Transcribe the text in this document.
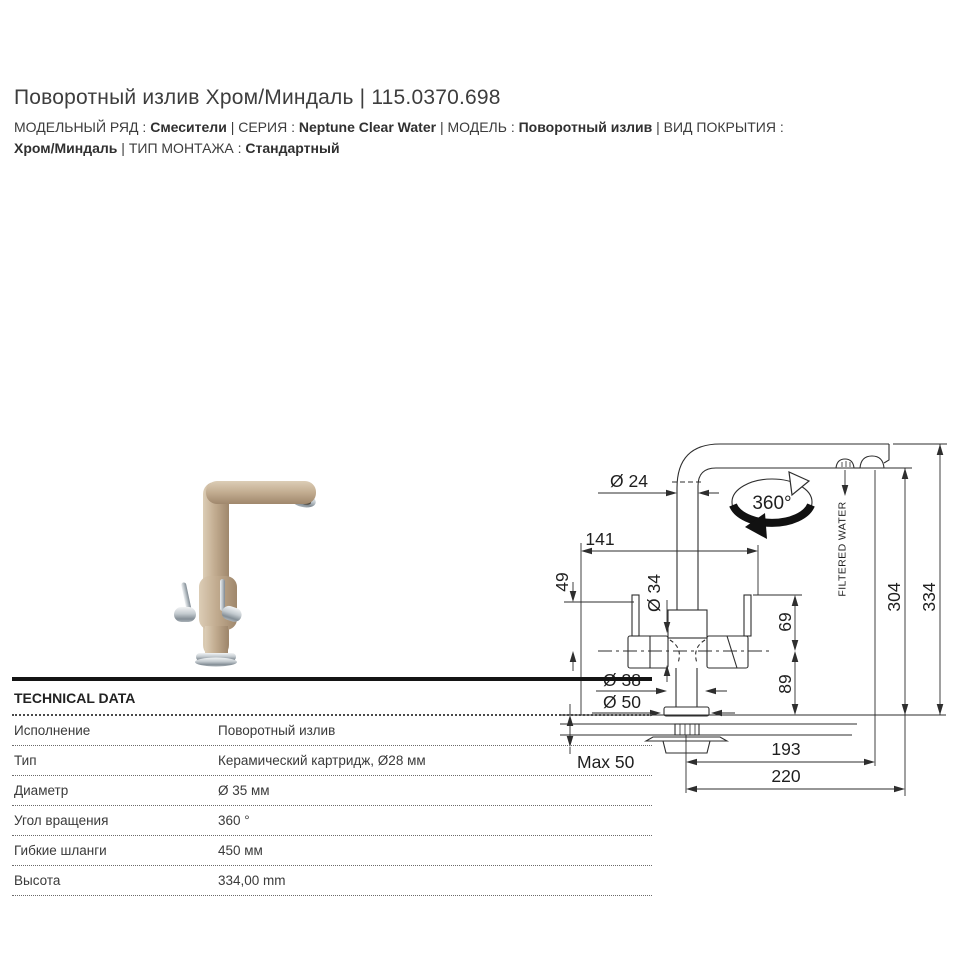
Поворотный излив Хром/Миндаль | 115.0370.698

МОДЕЛЬНЫЙ РЯД : Смесители | СЕРИЯ : Neptune Clear Water | МОДЕЛЬ : Поворотный излив | ВИД ПОКРЫТИЯ :
Хром/Миндаль | ТИП МОНТАЖА : Стандартный

360°
Ø 24
141
49	Ø 34
69
89
Ø 38
Ø 50
Max 50
193
220
304 334
FILTERED WATER
TECHNICAL DATA
Исполнение	Поворотный излив
Тип	Керамический картридж, Ø28 мм
Диаметр	Ø 35 мм
Угол вращения	360 °
Гибкие шланги	450 мм
Высота	334,00 mm
